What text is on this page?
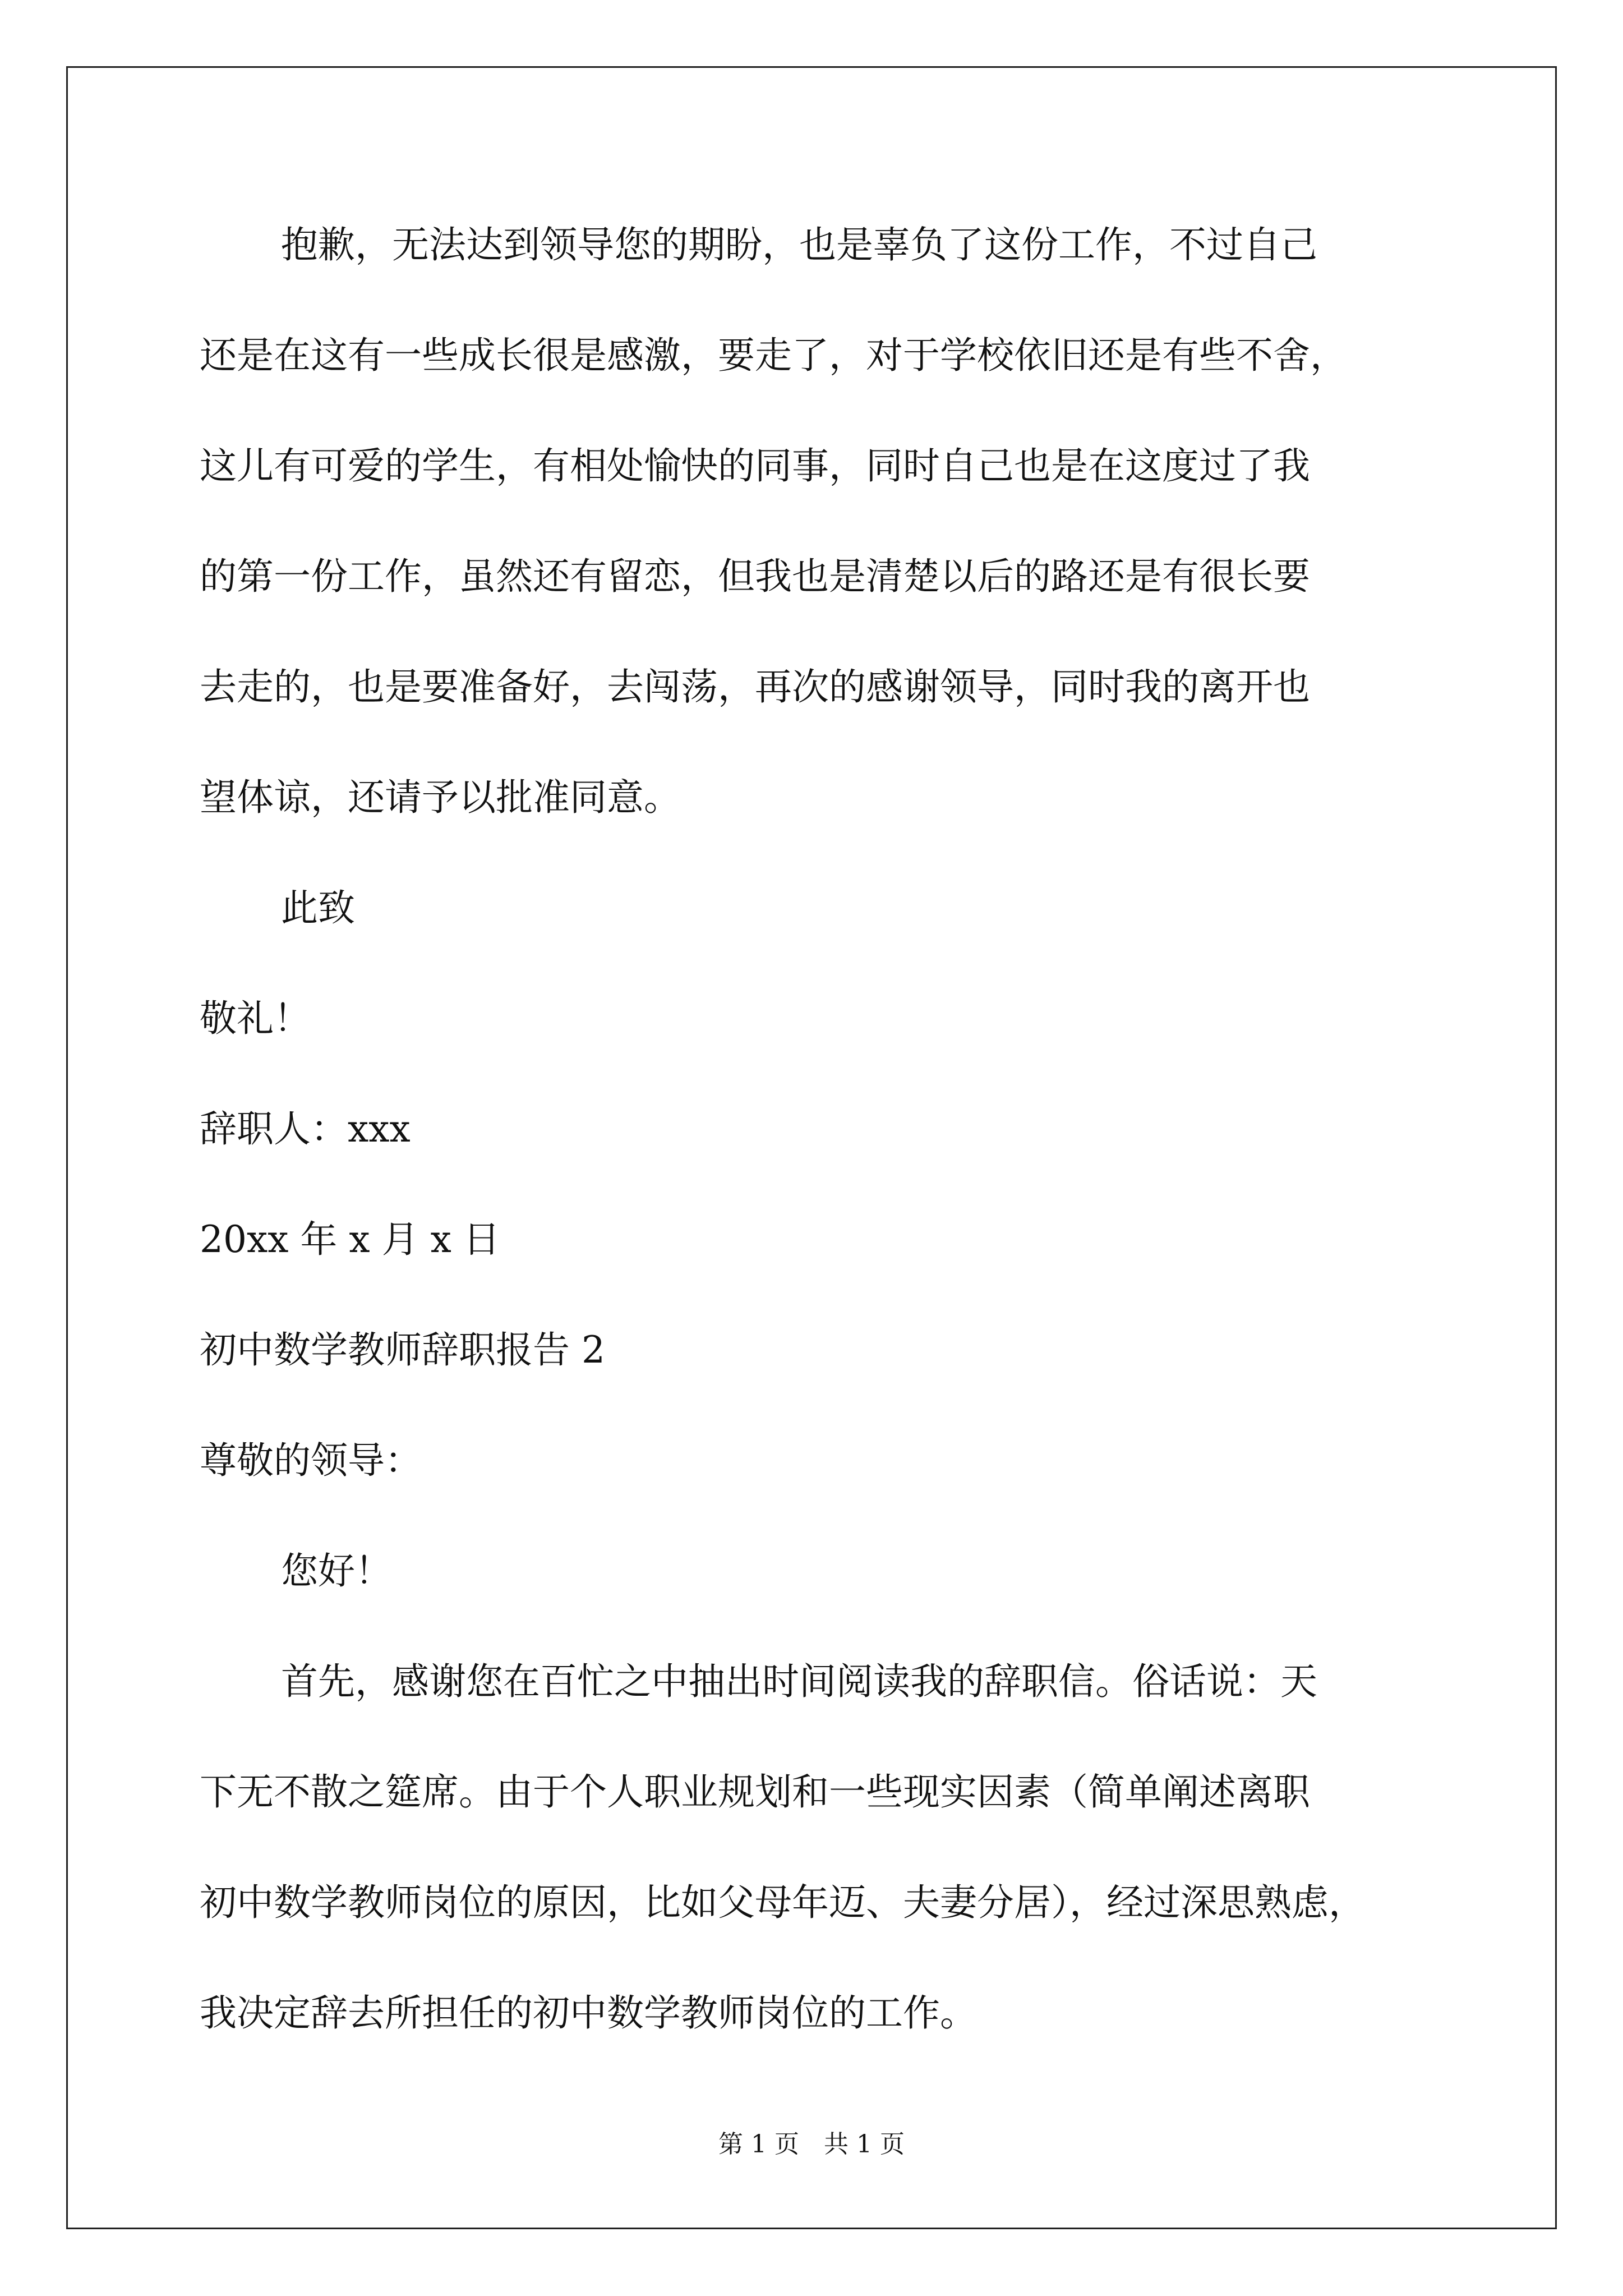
抱歉，无法达到领导您的期盼，也是辜负了这份工作，不过自己
还是在这有一些成长很是感激，要走了，对于学校依旧还是有些不舍，
这儿有可爱的学生，有相处愉快的同事，同时自己也是在这度过了我
的第一份工作，虽然还有留恋，但我也是清楚以后的路还是有很长要
去走的，也是要准备好，去闯荡，再次的感谢领导，同时我的离开也
望体谅，还请予以批准同意。
此致
敬礼！
辞职人：xxx
20xx 年 x 月 x 日
初中数学教师辞职报告 2
尊敬的领导：
您好！
首先，感谢您在百忙之中抽出时间阅读我的辞职信。俗话说：天
下无不散之筵席。由于个人职业规划和一些现实因素（简单阐述离职
初中数学教师岗位的原因，比如父母年迈、夫妻分居），经过深思熟虑，
我决定辞去所担任的初中数学教师岗位的工作。
第 1 页　共 1 页
